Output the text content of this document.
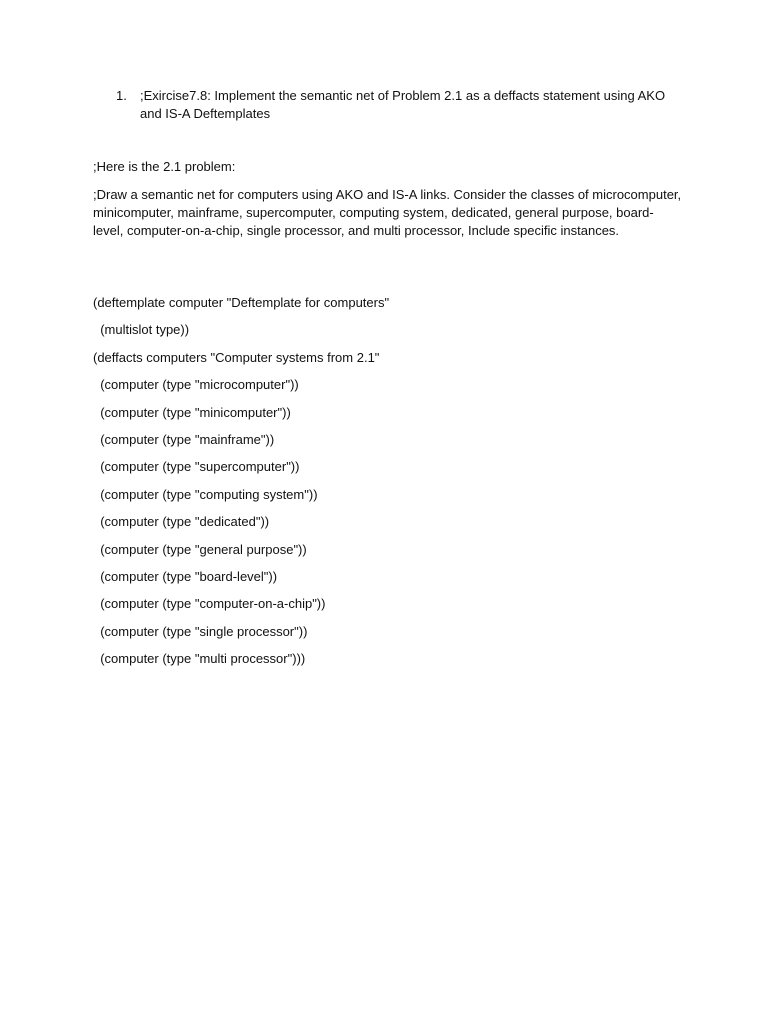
1. ;Exircise7.8: Implement the semantic net of Problem 2.1 as a deffacts statement using AKO and IS-A Deftemplates
;Here is the 2.1 problem:
;Draw a semantic net for computers using AKO and IS-A links. Consider the classes of microcomputer, minicomputer, mainframe, supercomputer, computing system, dedicated, general purpose, board-level, computer-on-a-chip, single processor, and multi processor, Include specific instances.
(deftemplate computer "Deftemplate for computers"
(multislot type))
(deffacts computers "Computer systems from 2.1"
(computer (type "microcomputer"))
(computer (type "minicomputer"))
(computer (type "mainframe"))
(computer (type "supercomputer"))
(computer (type "computing system"))
(computer (type "dedicated"))
(computer (type "general purpose"))
(computer (type "board-level"))
(computer (type "computer-on-a-chip"))
(computer (type "single processor"))
(computer (type "multi processor")))
